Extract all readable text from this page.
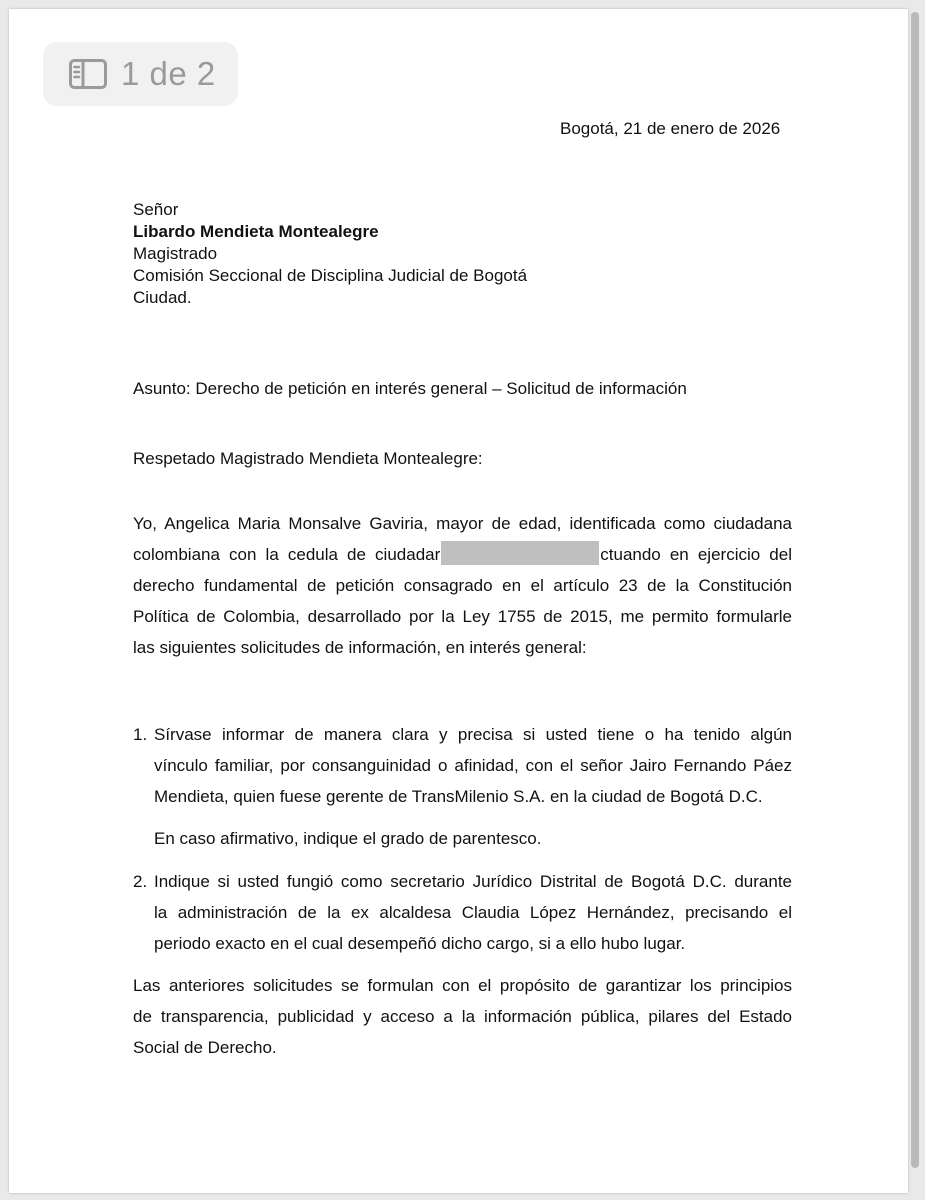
1 de 2
Bogotá, 21 de enero de 2026
Señor
Libardo Mendieta Montealegre
Magistrado
Comisión Seccional de Disciplina Judicial de Bogotá
Ciudad.
Asunto: Derecho de petición en interés general – Solicitud de información
Respetado Magistrado Mendieta Montealegre:
Yo, Angelica Maria Monsalve Gaviria, mayor de edad, identificada como ciudadana
colombiana con la cedula de ciudadar	ctuando en ejercicio del
derecho fundamental de petición consagrado en el artículo 23 de la Constitución
Política de Colombia, desarrollado por la Ley 1755 de 2015, me permito formularle
las siguientes solicitudes de información, en interés general:
1. Sírvase informar de manera clara y precisa si usted tiene o ha tenido algún
vínculo familiar, por consanguinidad o afinidad, con el señor Jairo Fernando Páez
Mendieta, quien fuese gerente de TransMilenio S.A. en la ciudad de Bogotá D.C.
En caso afirmativo, indique el grado de parentesco.
2. Indique si usted fungió como secretario Jurídico Distrital de Bogotá D.C. durante
la administración de la ex alcaldesa Claudia López Hernández, precisando el
periodo exacto en el cual desempeñó dicho cargo, si a ello hubo lugar.
Las anteriores solicitudes se formulan con el propósito de garantizar los principios
de transparencia, publicidad y acceso a la información pública, pilares del Estado
Social de Derecho.
